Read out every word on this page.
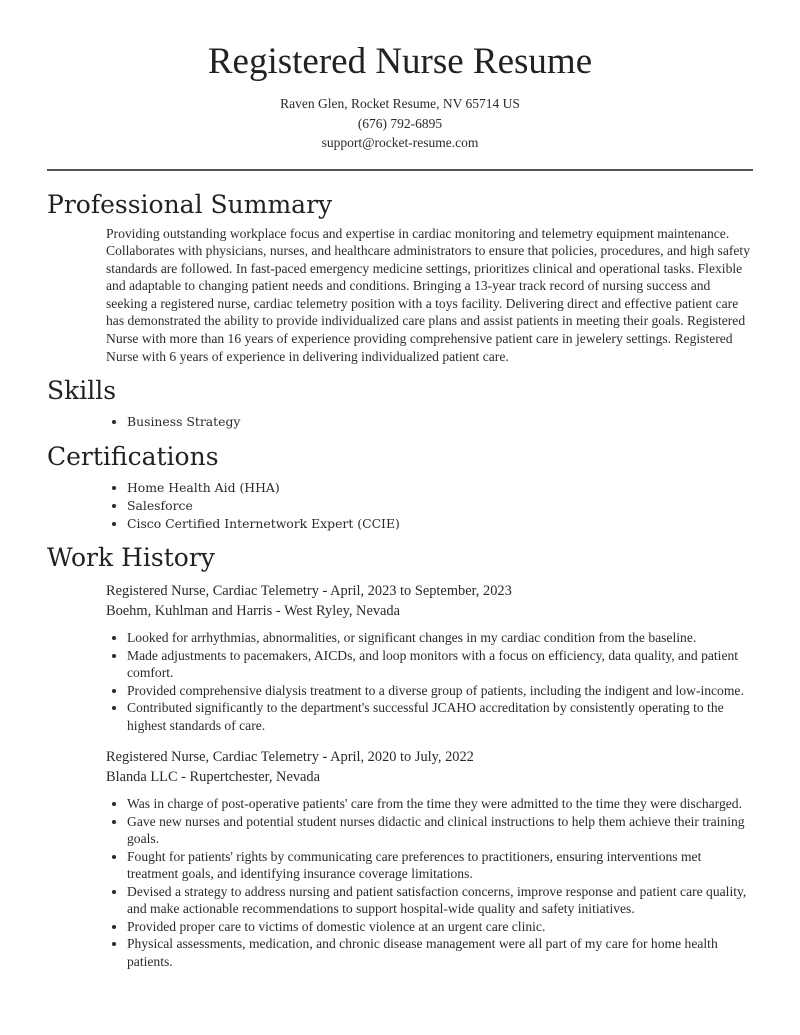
Registered Nurse Resume
Raven Glen, Rocket Resume, NV 65714 US
(676) 792-6895
support@rocket-resume.com
Professional Summary

Providing outstanding workplace focus and expertise in cardiac monitoring and telemetry equipment maintenance. Collaborates with physicians, nurses, and healthcare administrators to ensure that policies, procedures, and high safety standards are followed. In fast-paced emergency medicine settings, prioritizes clinical and operational tasks. Flexible and adaptable to changing patient needs and conditions. Bringing a 13-year track record of nursing success and seeking a registered nurse, cardiac telemetry position with a toys facility. Delivering direct and effective patient care has demonstrated the ability to provide individualized care plans and assist patients in meeting their goals. Registered Nurse with more than 16 years of experience providing comprehensive patient care in jewelery settings. Registered Nurse with 6 years of experience in delivering individualized patient care.

Skills
• Business Strategy
Certifications
• Home Health Aid (HHA)
• Salesforce
• Cisco Certified Internetwork Expert (CCIE)
Work History
Registered Nurse, Cardiac Telemetry - April, 2023 to September, 2023
Boehm, Kuhlman and Harris - West Ryley, Nevada
• Looked for arrhythmias, abnormalities, or significant changes in my cardiac condition from the baseline.
• Made adjustments to pacemakers, AICDs, and loop monitors with a focus on efficiency, data quality, and patient comfort.
• Provided comprehensive dialysis treatment to a diverse group of patients, including the indigent and low-income.
• Contributed significantly to the department's successful JCAHO accreditation by consistently operating to the highest standards of care.
Registered Nurse, Cardiac Telemetry - April, 2020 to July, 2022
Blanda LLC - Rupertchester, Nevada
• Was in charge of post-operative patients' care from the time they were admitted to the time they were discharged.
• Gave new nurses and potential student nurses didactic and clinical instructions to help them achieve their training goals.
• Fought for patients' rights by communicating care preferences to practitioners, ensuring interventions met treatment goals, and identifying insurance coverage limitations.
• Devised a strategy to address nursing and patient satisfaction concerns, improve response and patient care quality, and make actionable recommendations to support hospital-wide quality and safety initiatives.
• Provided proper care to victims of domestic violence at an urgent care clinic.
• Physical assessments, medication, and chronic disease management were all part of my care for home health patients.
